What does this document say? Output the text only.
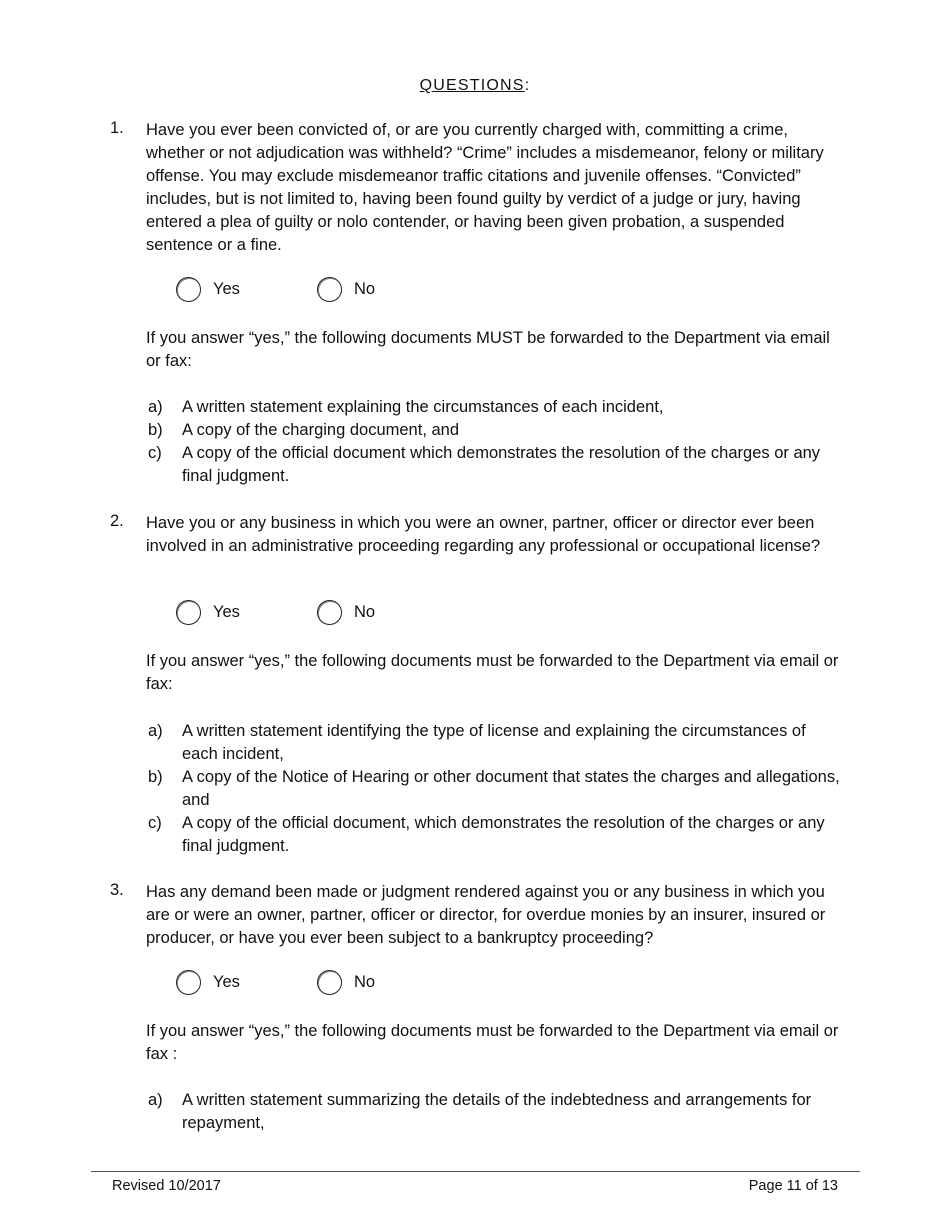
QUESTIONS:
1. Have you ever been convicted of, or are you currently charged with, committing a crime, whether or not adjudication was withheld? “Crime” includes a misdemeanor, felony or military offense. You may exclude misdemeanor traffic citations and juvenile offenses. “Convicted” includes, but is not limited to, having been found guilty by verdict of a judge or jury, having entered a plea of guilty or nolo contender, or having been given probation, a suspended sentence or a fine.
Yes	No
If you answer “yes,” the following documents MUST be forwarded to the Department via email or fax:
a) A written statement explaining the circumstances of each incident,
b) A copy of the charging document, and
c) A copy of the official document which demonstrates the resolution of the charges or any final judgment.
2. Have you or any business in which you were an owner, partner, officer or director ever been involved in an administrative proceeding regarding any professional or occupational license?
Yes	No
If you answer “yes,” the following documents must be forwarded to the Department via email or fax:
a) A written statement identifying the type of license and explaining the circumstances of each incident,
b) A copy of the Notice of Hearing or other document that states the charges and allegations, and
c) A copy of the official document, which demonstrates the resolution of the charges or any final judgment.
3. Has any demand been made or judgment rendered against you or any business in which you are or were an owner, partner, officer or director, for overdue monies by an insurer, insured or producer, or have you ever been subject to a bankruptcy proceeding?
Yes	No
If you answer “yes,” the following documents must be forwarded to the Department via email or fax :
a) A written statement summarizing the details of the indebtedness and arrangements for repayment,
Revised 10/2017	Page 11 of 13
